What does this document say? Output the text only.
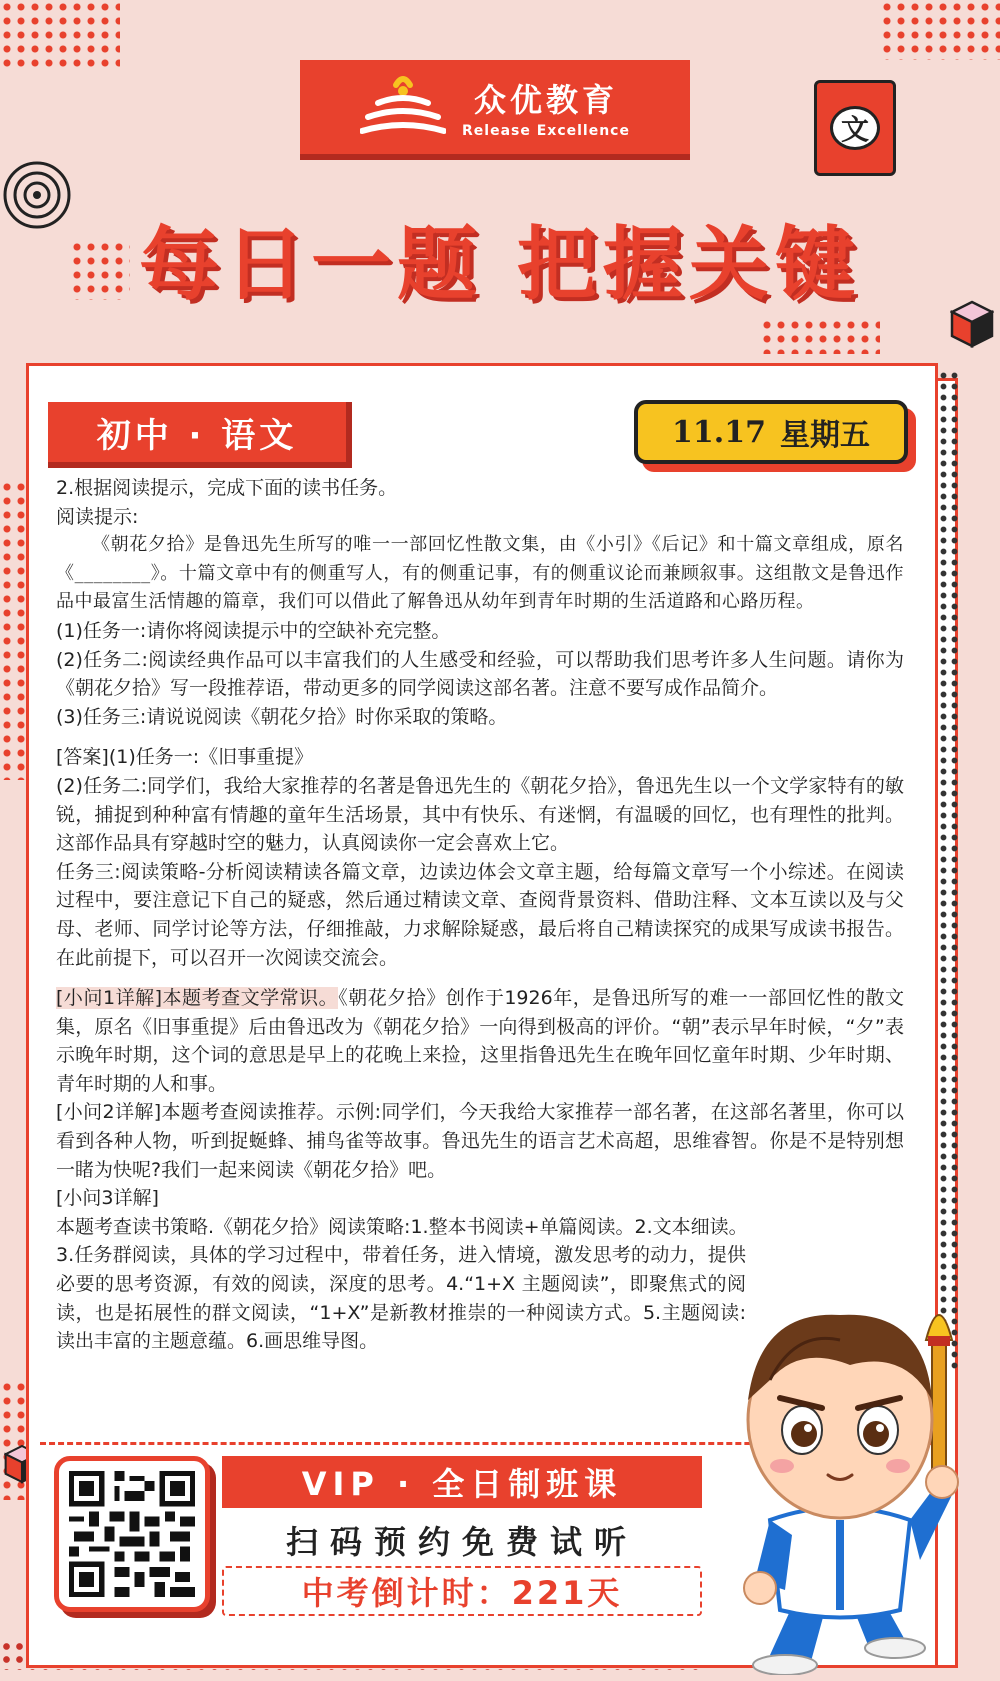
众优教育
Release Excellence	文
每日一题 把握关键
初中 · 语文	11.17 星期五

2.根据阅读提示，完成下面的读书任务。

阅读提示:

《朝花夕拾》是鲁迅先生所写的唯一一部回忆性散文集，由《小引》《后记》和十篇文章组成，原名《________》。十篇文章中有的侧重写人，有的侧重记事，有的侧重议论而兼顾叙事。这组散文是鲁迅作品中最富生活情趣的篇章，我们可以借此了解鲁迅从幼年到青年时期的生活道路和心路历程。

(1)任务一:请你将阅读提示中的空缺补充完整。

(2)任务二:阅读经典作品可以丰富我们的人生感受和经验，可以帮助我们思考许多人生问题。请你为《朝花夕拾》写一段推荐语，带动更多的同学阅读这部名著。注意不要写成作品简介。

(3)任务三:请说说阅读《朝花夕拾》时你采取的策略。

[答案](1)任务一:《旧事重提》

(2)任务二:同学们，我给大家推荐的名著是鲁迅先生的《朝花夕拾》，鲁迅先生以一个文学家特有的敏锐，捕捉到种种富有情趣的童年生活场景，其中有快乐、有迷惘，有温暖的回忆，也有理性的批判。这部作品具有穿越时空的魅力，认真阅读你一定会喜欢上它。

任务三:阅读策略-分析阅读精读各篇文章，边读边体会文章主题，给每篇文章写一个小综述。在阅读过程中，要注意记下自己的疑惑，然后通过精读文章、查阅背景资料、借助注释、文本互读以及与父母、老师、同学讨论等方法，仔细推敲，力求解除疑惑，最后将自己精读探究的成果写成读书报告。在此前提下，可以召开一次阅读交流会。

[小问1详解]本题考查文学常识。《朝花夕拾》创作于1926年，是鲁迅所写的难一一部回忆性的散文集，原名《旧事重提》后由鲁迅改为《朝花夕拾》一向得到极高的评价。“朝”表示早年时候，“夕”表示晚年时期，这个词的意思是早上的花晚上来捡，这里指鲁迅先生在晚年回忆童年时期、少年时期、青年时期的人和事。

[小问2详解]本题考查阅读推荐。示例:同学们，今天我给大家推荐一部名著，在这部名著里，你可以看到各种人物，听到捉蜒蜂、捕鸟雀等故事。鲁迅先生的语言艺术高超，思维睿智。你是不是特别想一睹为快呢?我们一起来阅读《朝花夕拾》吧。

[小问3详解]

本题考查读书策略.《朝花夕拾》阅读策略:1.整本书阅读+单篇阅读。2.文本细读。

3.任务群阅读，具体的学习过程中，带着任务，进入情境，激发思考的动力，提供必要的思考资源，有效的阅读，深度的思考。4.“1+X 主题阅读”，即聚焦式的阅读，也是拓展性的群文阅读，“1+X”是新教材推崇的一种阅读方式。5.主题阅读:读出丰富的主题意蕴。6.画思维导图。

VIP · 全日制班课
扫码预约免费试听
中考倒计时：221天
